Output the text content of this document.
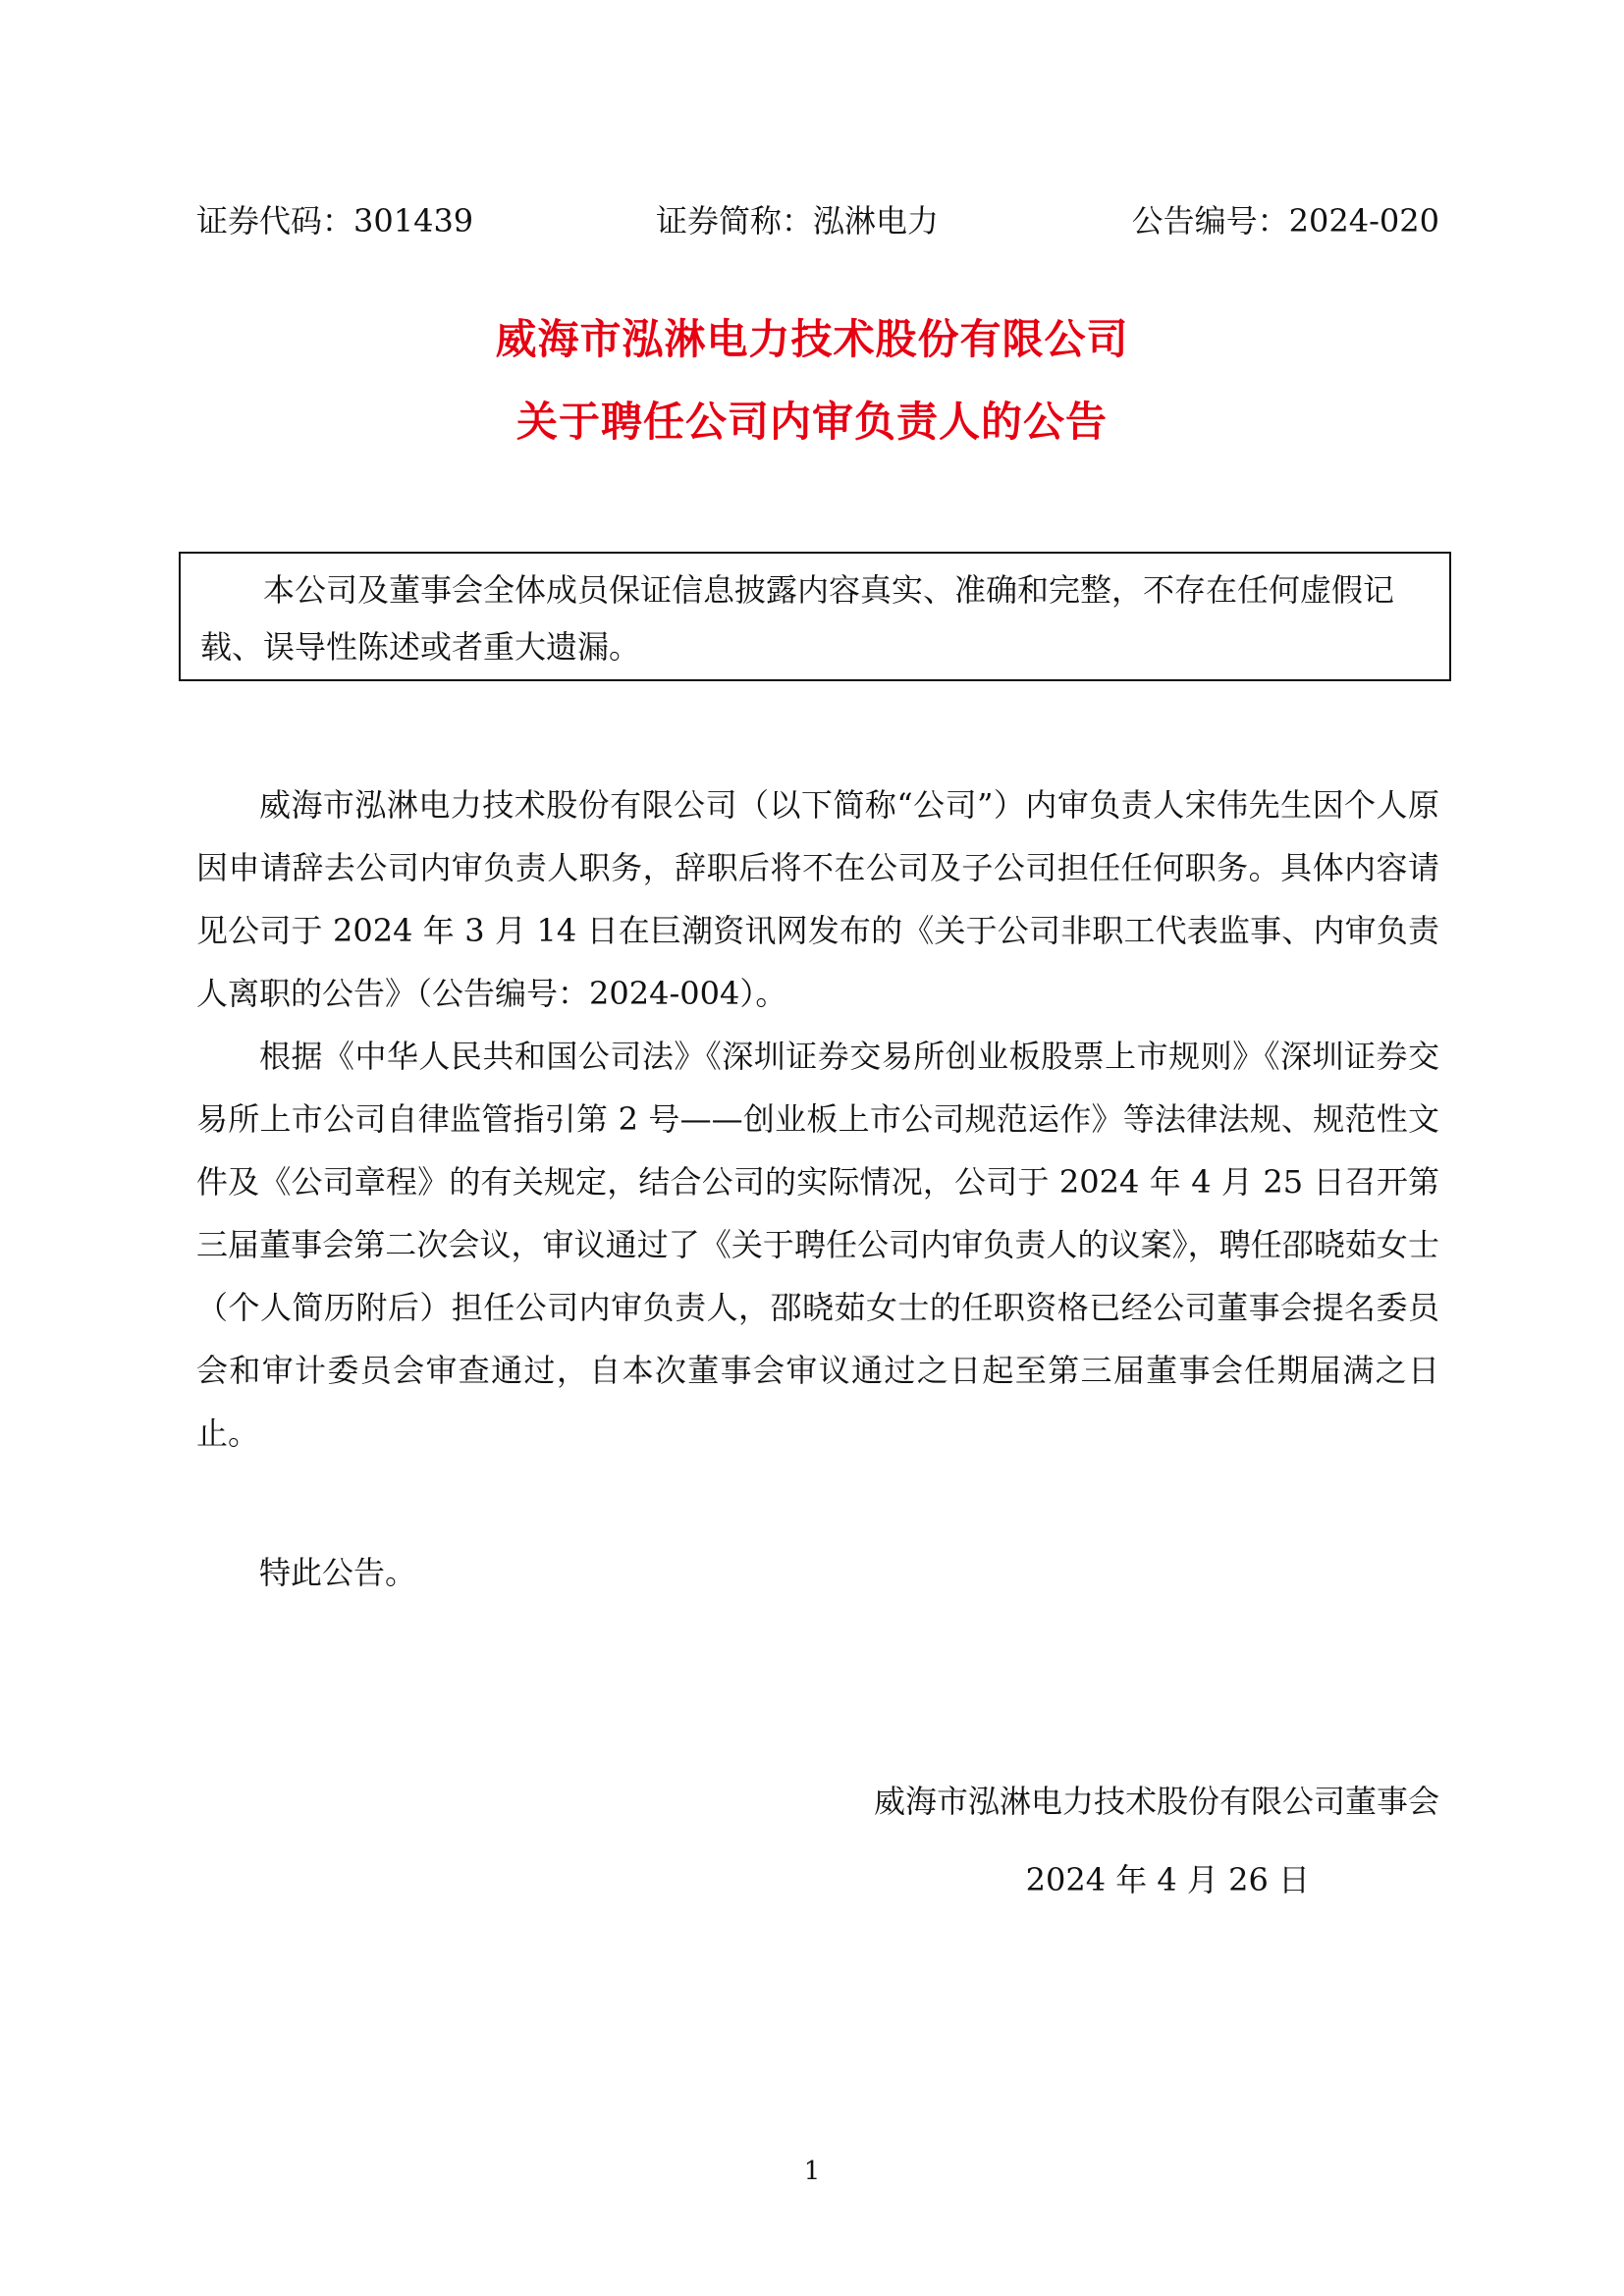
证券代码：301439	证券简称：泓淋电力	公告编号：2024-020
威海市泓淋电力技术股份有限公司
关于聘任公司内审负责人的公告
本公司及董事会全体成员保证信息披露内容真实、准确和完整，不存在任何虚假记载、误导性陈述或者重大遗漏。

威海市泓淋电力技术股份有限公司（以下简称“公司”）内审负责人宋伟先生因个人原因申请辞去公司内审负责人职务，辞职后将不在公司及子公司担任任何职务。具体内容请见公司于 2024 年 3 月 14 日在巨潮资讯网发布的《关于公司非职工代表监事、内审负责人离职的公告》（公告编号：2024-004）。

根据《中华人民共和国公司法》《深圳证券交易所创业板股票上市规则》《深圳证券交易所上市公司自律监管指引第 2 号——创业板上市公司规范运作》等法律法规、规范性文件及《公司章程》的有关规定，结合公司的实际情况，公司于 2024 年 4 月 25 日召开第三届董事会第二次会议，审议通过了《关于聘任公司内审负责人的议案》，聘任邵晓茹女士（个人简历附后）担任公司内审负责人，邵晓茹女士的任职资格已经公司董事会提名委员会和审计委员会审查通过，自本次董事会审议通过之日起至第三届董事会任期届满之日止。

特此公告。

威海市泓淋电力技术股份有限公司董事会
2024 年 4 月 26 日
1
